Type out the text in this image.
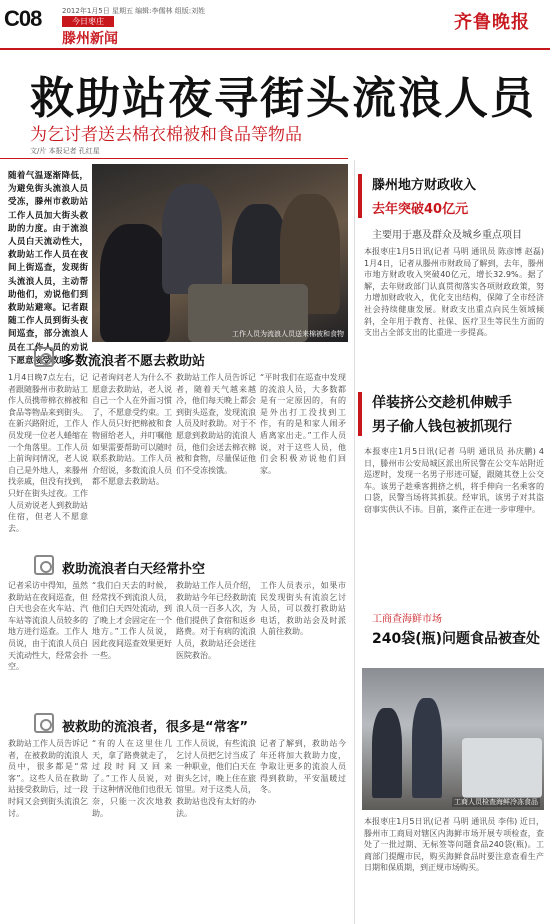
C08	2012年1月5日 星期五 编辑:李儒林 组版:刘姓
今日枣庄
滕州新闻
齐鲁晚报
救助站夜寻街头流浪人员
为乞讨者送去棉衣棉被和食品等物品
文/片 本报记者 孔红星
随着气温逐渐降低，为避免街头流浪人员受冻，滕州市救助站工作人员加大街头救助的力度。由于流浪人员白天流动性大，救助站工作人员在夜间上街巡查，发现街头流浪人员，主动帮助他们，劝说他们到救助站避寒。记者跟随工作人员到街头夜间巡查，部分流浪人员在工作人员的劝说下愿意接受救助。
工作人员为流浪人员送来棉被和食物
多数流浪者不愿去救助站
1月4日晚7点左右，记者跟随滕州市救助站工作人员携带棉衣棉被和食品等物品来到街头。在新兴路附近，工作人员发现一位老人蜷缩在一个角落里。工作人员上前询问情况，老人说自己是外地人，来滕州找亲戚，但没有找到，只好在街头过夜。工作人员劝说老人到救助站住宿，但老人不愿意去。
记者询问老人为什么不愿意去救助站，老人说自己一个人在外面习惯了，不愿意受约束。工作人员只好把棉被和食物留给老人，并叮嘱他如果需要帮助可以随时联系救助站。工作人员介绍说，多数流浪人员都不愿意去救助站。
救助站工作人员告诉记者，随着天气越来越冷，他们每天晚上都会到街头巡查，发现流浪人员及时救助。对于不愿意到救助站的流浪人员，他们会送去棉衣棉被和食物，尽量保证他们不受冻挨饿。
“平时我们在巡查中发现的流浪人员，大多数都是有一定原因的，有的是外出打工没找到工作，有的是和家人闹矛盾离家出走。”工作人员说，对于这些人员，他们会积极劝说他们回家。
救助流浪者白天经常扑空
记者采访中得知，虽然救助站在夜间巡查，但白天也会在火车站、汽车站等流浪人员较多的地方进行巡查。工作人员说，由于流浪人员白天流动性大，经常会扑空。
“我们白天去的时候，经常找不到流浪人员，他们白天四处流动，到了晚上才会固定在一个地方。”工作人员说，因此夜间巡查效果更好一些。
救助站工作人员介绍，救助站今年已经救助流浪人员一百多人次，为他们提供了食宿和返乡路费。对于有病的流浪人员，救助站还会送往医院救治。
工作人员表示，如果市民发现街头有流浪乞讨人员，可以拨打救助站电话，救助站会及时派人前往救助。
被救助的流浪者，很多是“常客”
救助站工作人员告诉记者，在被救助的流浪人员中，很多都是“常客”。这些人员在救助站接受救助后，过一段时间又会到街头流浪乞讨。
“有的人在这里住几天，拿了路费就走了，过段时间又回来了。”工作人员说，对于这种情况他们也很无奈，只能一次次地救助。
工作人员说，有些流浪乞讨人员把乞讨当成了一种职业，他们白天在街头乞讨，晚上住在旅馆里。对于这类人员，救助站也没有太好的办法。
记者了解到，救助站今年还将加大救助力度，争取让更多的流浪人员得到救助，平安温暖过冬。
滕州地方财政收入
去年突破40亿元
主要用于惠及群众及城乡重点项目
本报枣庄1月5日讯(记者 马明 通讯员 陈彦博 赵磊) 1月4日，记者从滕州市财政局了解到，去年，滕州市地方财政收入突破40亿元，增长32.9%。据了解，去年财政部门认真贯彻落实各项财政政策，努力增加财政收入，优化支出结构，保障了全市经济社会持续健康发展。财政支出重点向民生领域倾斜，全年用于教育、社保、医疗卫生等民生方面的支出占全部支出的比重进一步提高。
佯装挤公交趁机伸贼手
男子偷人钱包被抓现行
本报枣庄1月5日讯(记者 马明 通讯员 孙庆鹏) 4日，滕州市公安局城区派出所民警在公交车站附近巡逻时，发现一名男子形迹可疑，跟随其登上公交车。该男子趁乘客拥挤之机，将手伸向一名乘客的口袋，民警当场将其抓获。经审讯，该男子对其盗窃事实供认不讳。目前，案件正在进一步审理中。
工商查海鲜市场
240袋(瓶)问题食品被查处
工商人员检查海鲜冷冻食品
本报枣庄1月5日讯(记者 马明 通讯员 李伟) 近日，滕州市工商局对辖区内海鲜市场开展专项检查，查处了一批过期、无标签等问题食品240袋(瓶)。工商部门提醒市民，购买海鲜食品时要注意查看生产日期和保质期，到正规市场购买。
